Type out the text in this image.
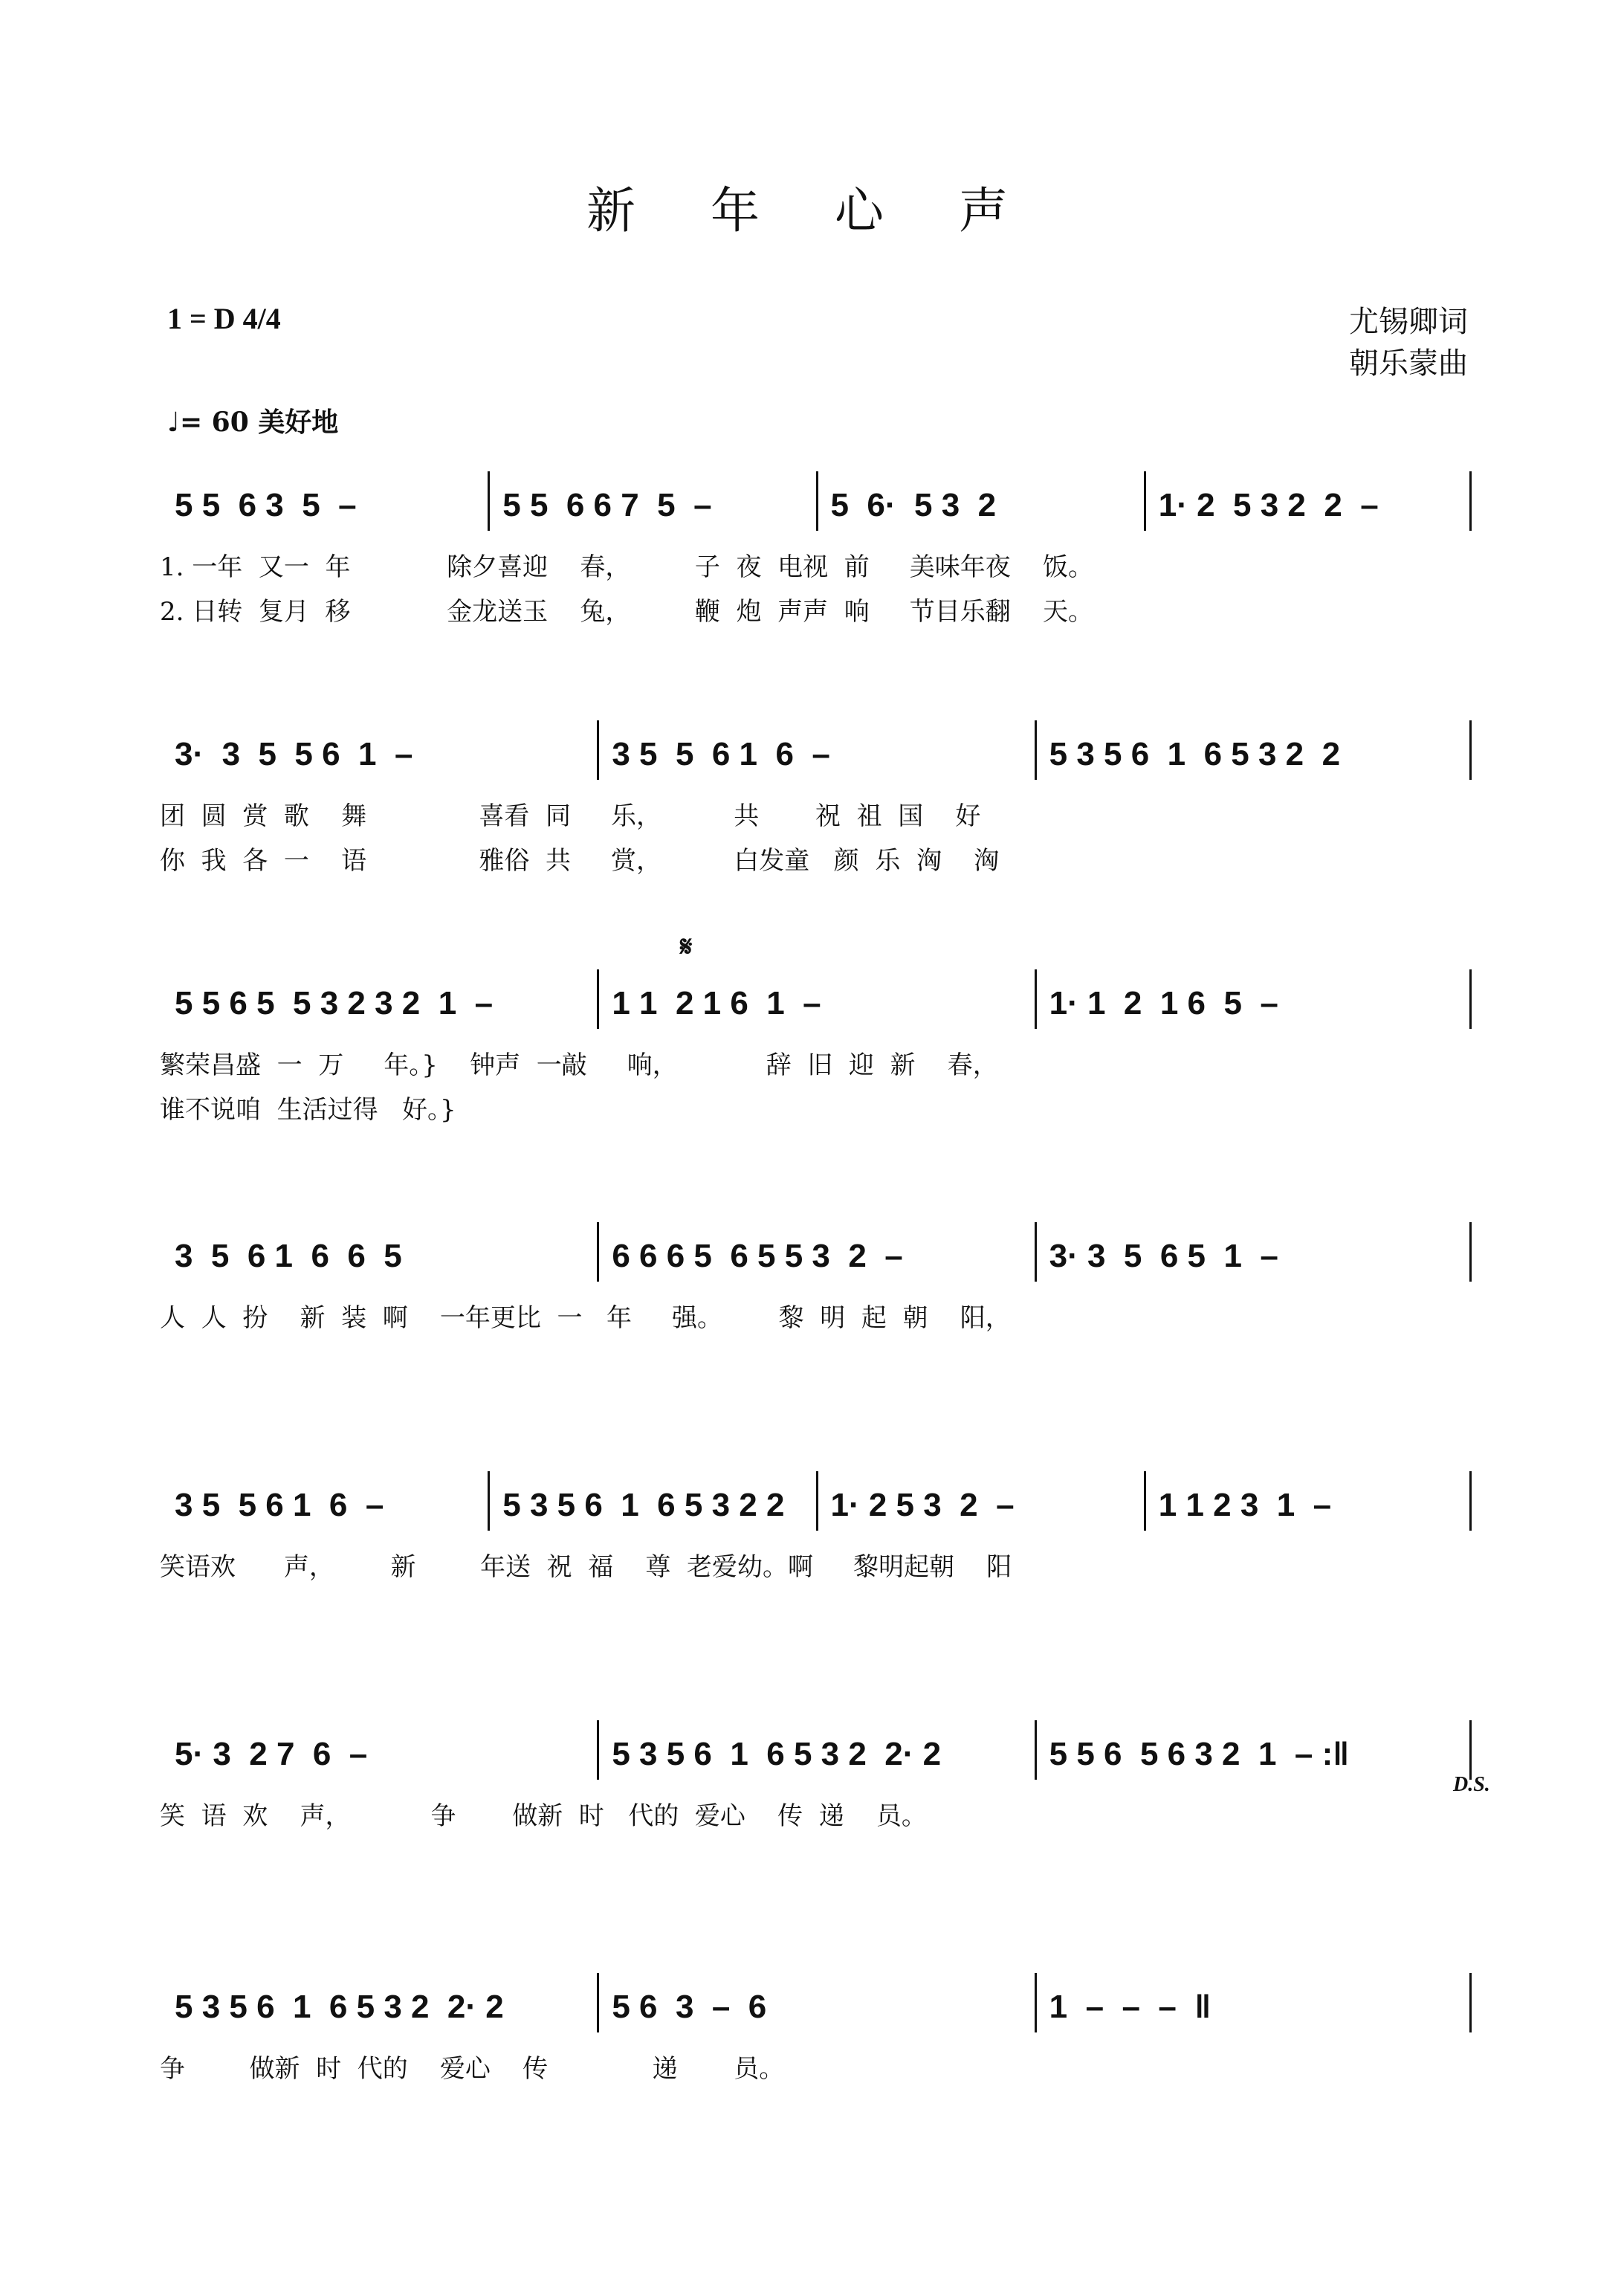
新 年 心 声
1 = D 4/4	尤锡卿词
朝乐蒙曲
♩= 60 美好地
5 5  6 3  5  –	5 5  6 6 7  5  –	5  6·  5 3  2	1· 2  5 3 2  2  –
1. 一年  又一  年            除夕喜迎    春，        子  夜  电视  前     美味年夜    饭。
2. 日转  复月  移            金龙送玉    兔，        鞭  炮  声声  响     节目乐翻    天。
3·  3  5  5 6  1  –	3 5  5  6 1  6  –	5 3 5 6  1  6 5 3 2  2
团  圆  赏  歌    舞              喜看  同     乐，         共       祝  祖  国    好
你  我  各  一    语              雅俗  共     赏，         白发童   颜  乐  洶    洶
5 5 6 5  5 3 2 3 2  1  –	1 1  2 1 6  1  –	1· 1  2  1 6  5  –
繁荣昌盛  一  万     年。}    钟声  一敲     响，           辞  旧  迎  新    春，
谁不说咱  生活过得   好。}
3  5  6 1  6  6  5	6 6 6 5  6 5 5 3  2  –	3· 3  5  6 5  1  –
人  人  扮    新  装  啊    一年更比  一   年     强。       黎  明  起  朝    阳，
3 5  5 6 1  6  –	5 3 5 6  1  6 5 3 2 2	1· 2 5 3  2  –	1 1 2 3  1  –
笑语欢      声，       新        年送  祝  福    尊  老爱幼。啊     黎明起朝    阳
5· 3  2 7  6  –	5 3 5 6  1  6 5 3 2  2· 2	5 5 6  5 6 3 2  1  – :‖
笑  语  欢    声，          争       做新  时   代的  爱心    传  递    员。
5 3 5 6  1  6 5 3 2  2· 2	5 6  3  –  6	1  –  –  –  ‖
争        做新  时  代的    爱心    传             递       员。
𝄋
D.S.
